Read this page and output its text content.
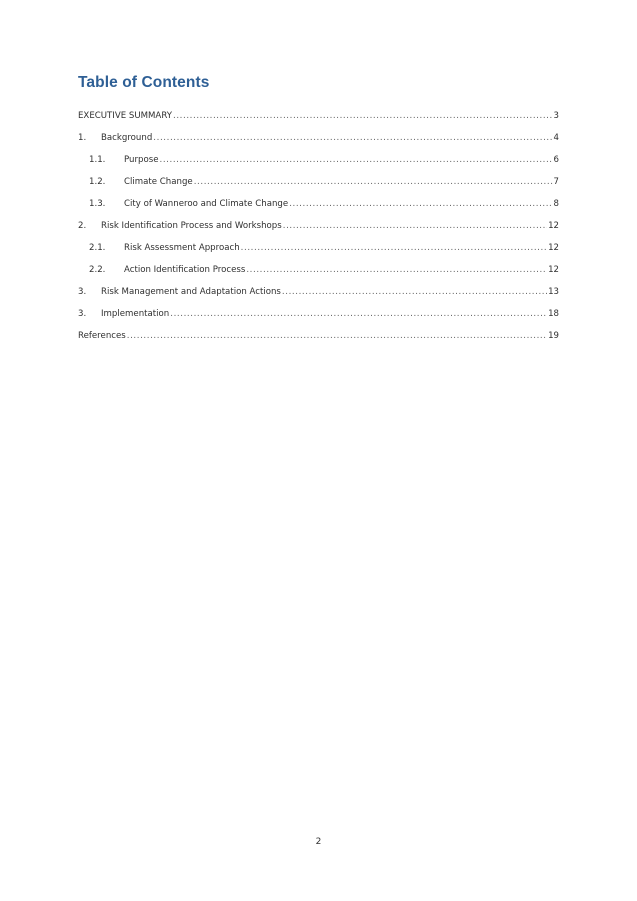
Table of Contents
EXECUTIVE SUMMARY .....	3
1.	Background .....	4
1.1.	Purpose .....	6
1.2.	Climate Change .....	7
1.3.	City of Wanneroo and Climate Change .....	8
2.	Risk Identification Process and Workshops .....	12
2.1.	Risk Assessment Approach .....	12
2.2.	Action Identification Process .....	12
3.	Risk Management and Adaptation Actions .....	13
3.	Implementation .....	18
References .....	19
2
